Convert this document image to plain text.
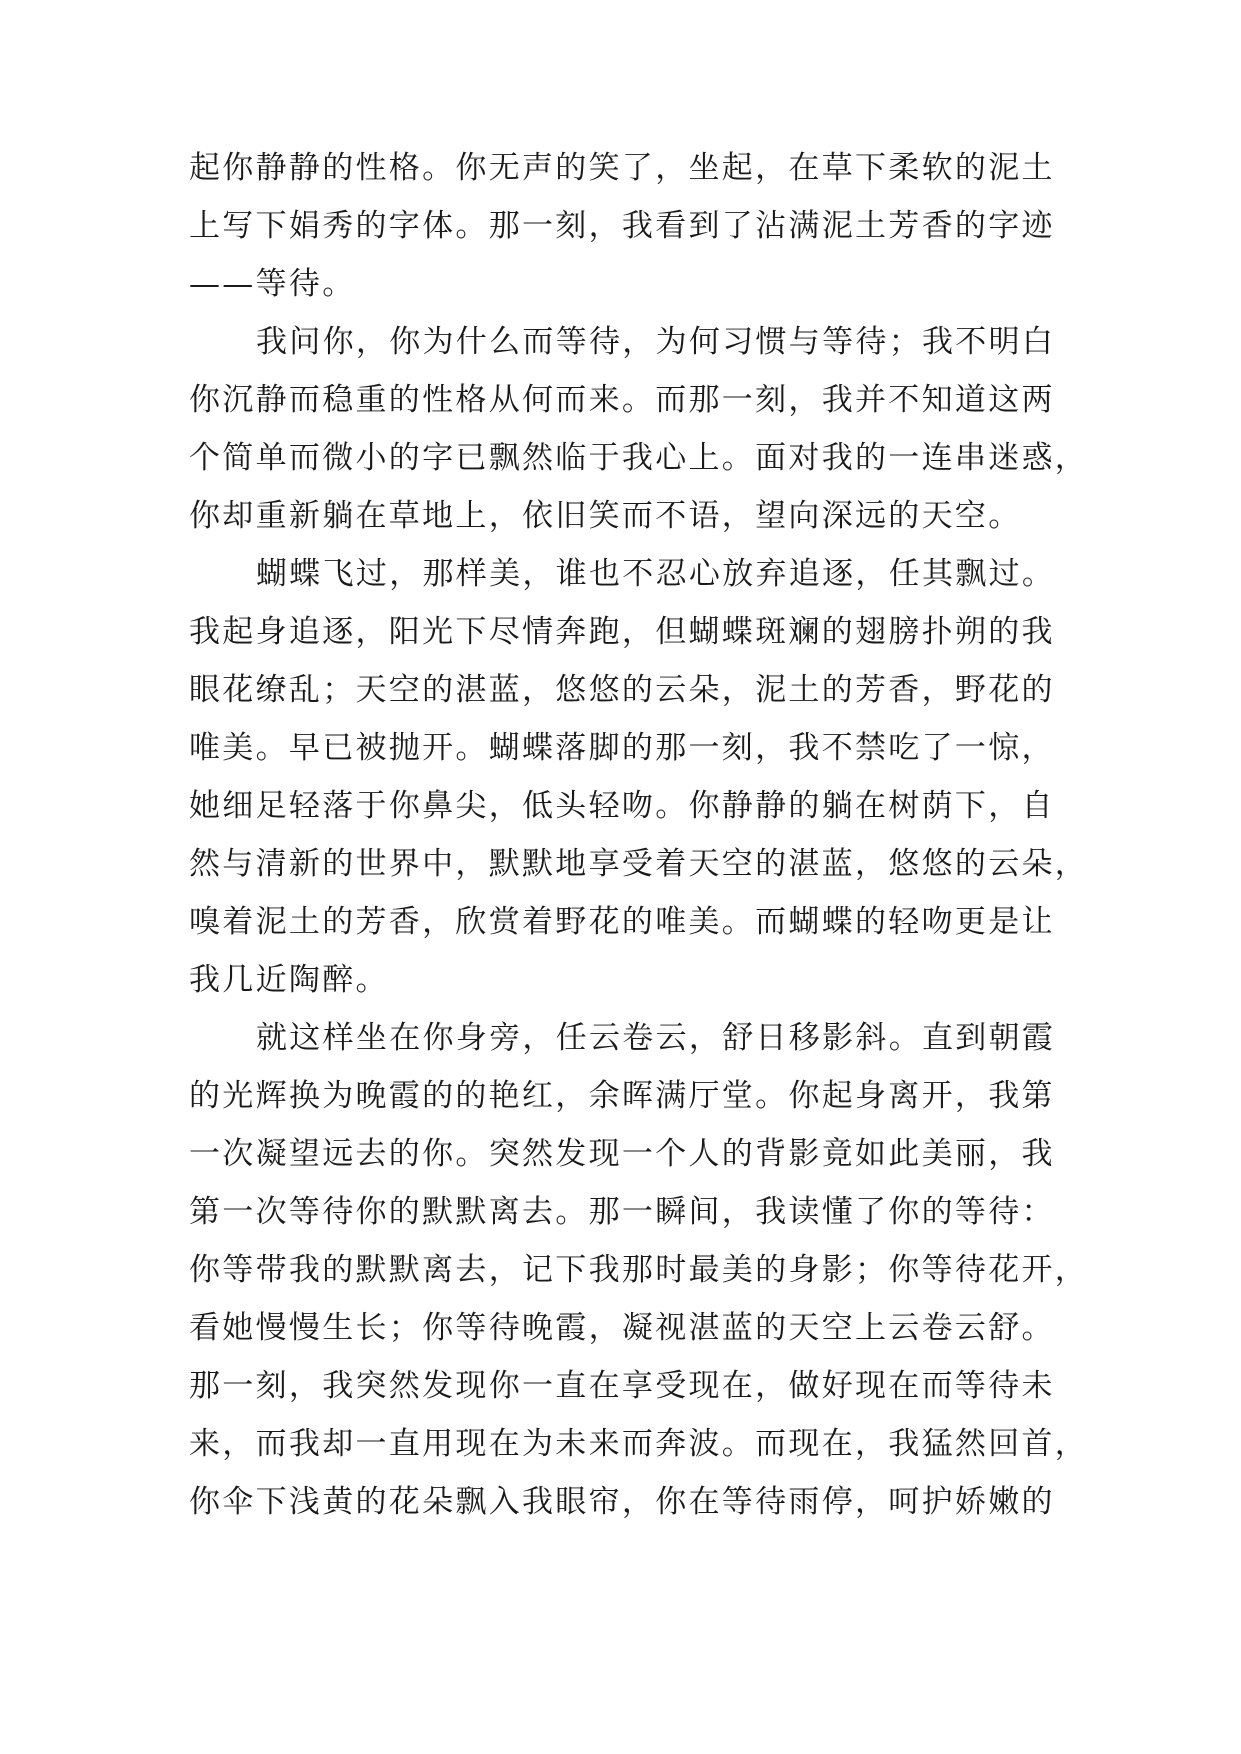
起你静静的性格。你无声的笑了，坐起，在草下柔软的泥土
上写下娟秀的字体。那一刻，我看到了沾满泥土芳香的字迹
——等待。
我问你，你为什么而等待，为何习惯与等待；我不明白
你沉静而稳重的性格从何而来。而那一刻，我并不知道这两
个简单而微小的字已飘然临于我心上。面对我的一连串迷惑，
你却重新躺在草地上，依旧笑而不语，望向深远的天空。
蝴蝶飞过，那样美，谁也不忍心放弃追逐，任其飘过。
我起身追逐，阳光下尽情奔跑，但蝴蝶斑斓的翅膀扑朔的我
眼花缭乱；天空的湛蓝，悠悠的云朵，泥土的芳香，野花的
唯美。早已被抛开。蝴蝶落脚的那一刻，我不禁吃了一惊，
她细足轻落于你鼻尖，低头轻吻。你静静的躺在树荫下，自
然与清新的世界中，默默地享受着天空的湛蓝，悠悠的云朵，
嗅着泥土的芳香，欣赏着野花的唯美。而蝴蝶的轻吻更是让
我几近陶醉。
就这样坐在你身旁，任云卷云，舒日移影斜。直到朝霞
的光辉换为晚霞的的艳红，余晖满厅堂。你起身离开，我第
一次凝望远去的你。突然发现一个人的背影竟如此美丽，我
第一次等待你的默默离去。那一瞬间，我读懂了你的等待：
你等带我的默默离去，记下我那时最美的身影；你等待花开，
看她慢慢生长；你等待晚霞，凝视湛蓝的天空上云卷云舒。
那一刻，我突然发现你一直在享受现在，做好现在而等待未
来，而我却一直用现在为未来而奔波。而现在，我猛然回首，
你伞下浅黄的花朵飘入我眼帘，你在等待雨停，呵护娇嫩的
